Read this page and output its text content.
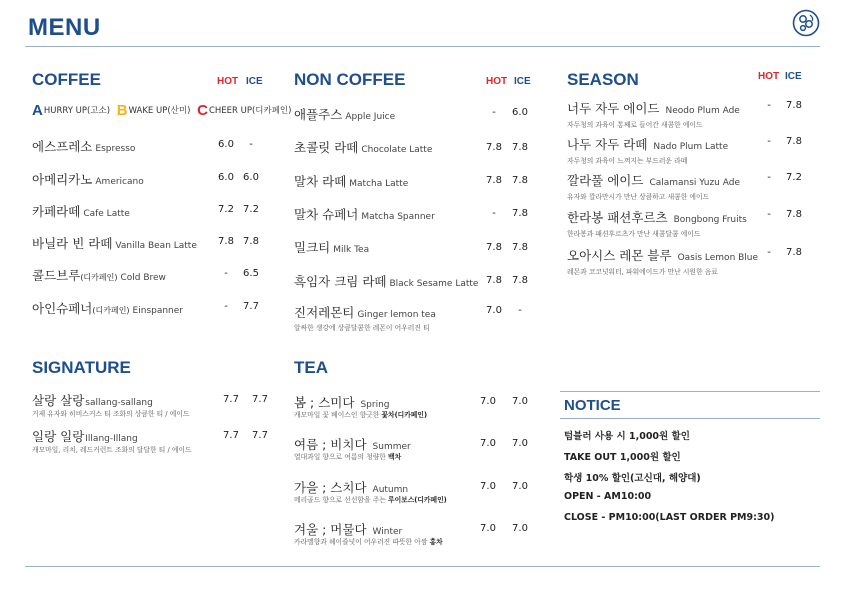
MENU
COFFEE	HOT ICE
AHURRY UP(고소) BWAKE UP(산미) CCHEER UP(디카페인)
에스프레소 Espresso	6.0	-
아메리카노 Americano	6.0 6.0
카페라떼 Cafe Latte	7.2 7.2
바닐라 빈 라떼 Vanilla Bean Latte	7.8 7.8
콜드브루(디카페인) Cold Brew	-	6.5
아인슈페너(디카페인) Einspanner	-	7.7
NON COFFEE	HOT ICE
애플주스 Apple Juice	-	6.0
초콜릿 라떼 Chocolate Latte	7.8	7.8
말차 라떼 Matcha Latte	7.8	7.8
말차 슈페너 Matcha Spanner	-	7.8
밀크티 Milk Tea	7.8	7.8
흑임자 크림 라떼 Black Sesame Latte 7.8	7.8
진저레몬티 Ginger lemon tea	7.0	-
알싸한 생강에 상큼달콤한 레몬이 어우러진 티
SEASON	HOT ICE
너두 자두 에이드 Neodo Plum Ade	-	7.8
자두청의 과육이 통째로 들어간 새콤한 에이드
나두 자두 라떼 Nado Plum Latte	-	7.8
자두청의 과육이 느껴지는 부드러운 라떼
깔라풀 에이드 Calamansi Yuzu Ade	-	7.2
유자와 깔라만시가 만난 상큼하고 새콤한 에이드
한라봉 패션후르츠 Bongbong Fruits	-	7.8
한라봉과 패션후르츠가 만난 새콤달콤 에이드
오아시스 레몬 블루 Oasis Lemon Blue -	7.8
레몬과 코코넛워터, 파워에이드가 만난 시원한 음료
SIGNATURE
살랑 살랑sallang-sallang	7.7	7.7
거제 유자와 히비스커스 티 조화의 상큼한 티 / 에이드
일랑 일랑Illang-Illang	7.7	7.7
캐모마일, 리치, 레드커런트 조화의 달달한 티 / 에이드
TEA
봄 ; 스미다 Spring	7.0	7.0
캐모마일 꽃 베이스인 향긋한 꽃차(디카페인)
여름 ; 비치다 Summer	7.0	7.0
열대과일 향으로 여름의 청량한 백차
가을 ; 스치다 Autumn	7.0	7.0
메리골드 향으로 선선함을 주는 루이보스(디카페인)
겨울 ; 머물다 Winter	7.0	7.0
카라멜향과 헤이즐넛이 어우러진 따뜻한 아쌈 홍차
NOTICE
텀블러 사용 시 1,000원 할인
TAKE OUT 1,000원 할인
학생 10% 할인(고신대, 해양대)
OPEN - AM10:00
CLOSE - PM10:00(LAST ORDER PM9:30)
